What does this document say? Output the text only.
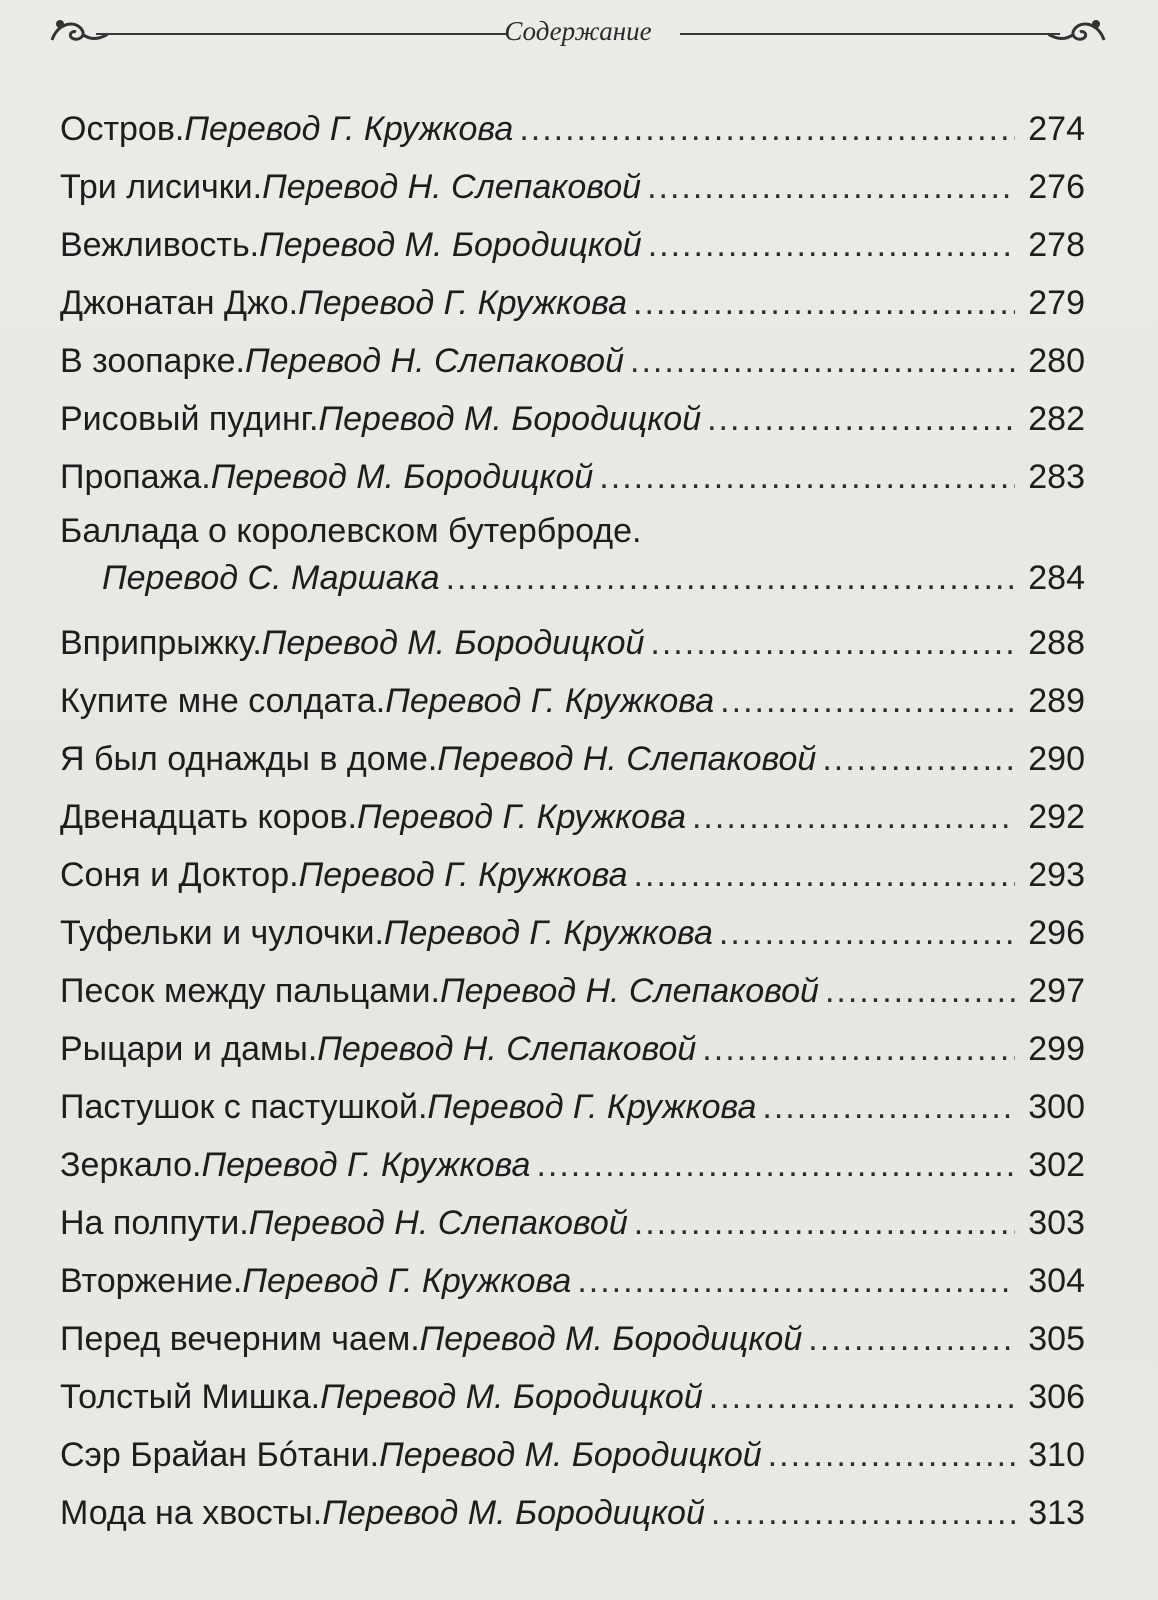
Содержание
Остров. Перевод Г. Кружкова .....	274
Три лисички. Перевод Н. Слепаковой .....	276
Вежливость. Перевод М. Бородицкой .....	278
Джонатан Джо. Перевод Г. Кружкова .....	279
В зоопарке. Перевод Н. Слепаковой .....	280
Рисовый пудинг. Перевод М. Бородицкой .....	282
Пропажа. Перевод М. Бородицкой .....	283
Баллада о королевском бутерброде.
Перевод С. Маршака .....	284
Вприпрыжку. Перевод М. Бородицкой .....	288
Купите мне солдата. Перевод Г. Кружкова .....	289
Я был однажды в доме. Перевод Н. Слепаковой .....	290
Двенадцать коров. Перевод Г. Кружкова .....	292
Соня и Доктор. Перевод Г. Кружкова .....	293
Туфельки и чулочки. Перевод Г. Кружкова .....	296
Песок между пальцами. Перевод Н. Слепаковой .....	297
Рыцари и дамы. Перевод Н. Слепаковой .....	299
Пастушок с пастушкой. Перевод Г. Кружкова .....	300
Зеркало. Перевод Г. Кружкова .....	302
На полпути. Перевод Н. Слепаковой .....	303
Вторжение. Перевод Г. Кружкова .....	304
Перед вечерним чаем. Перевод М. Бородицкой .....	305
Толстый Мишка. Перевод М. Бородицкой .....	306
Сэр Брайан Бóтани. Перевод М. Бородицкой .....	310
Мода на хвосты. Перевод М. Бородицкой .....	313
